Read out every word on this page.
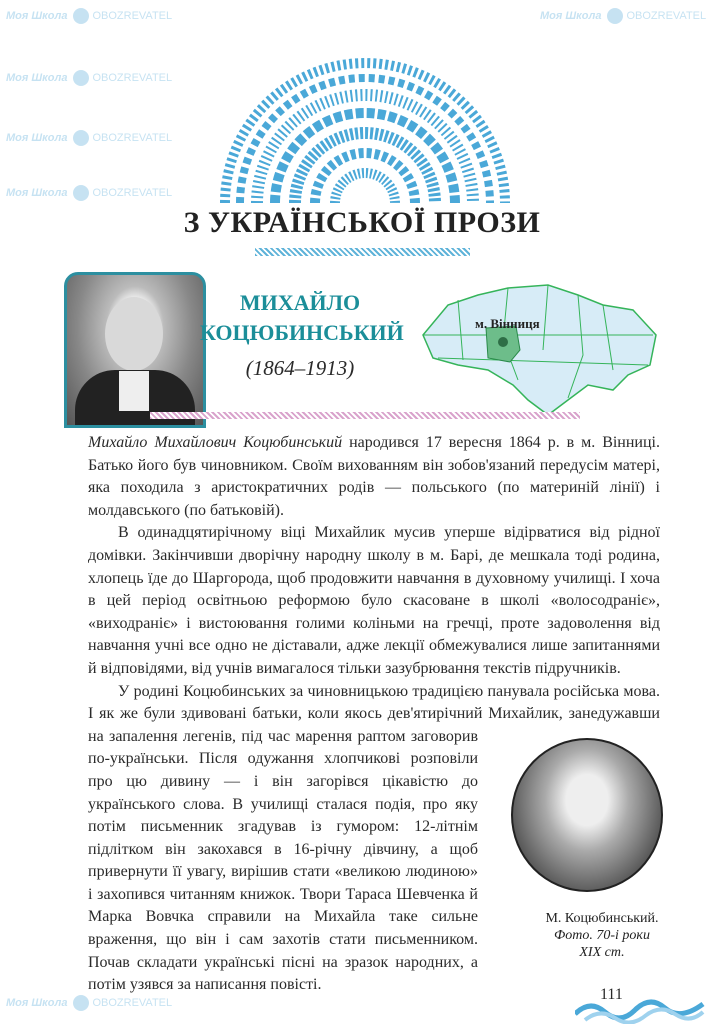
Моя Школа OBOZREVATEL	Моя Школа OBOZREVATEL
Моя Школа OBOZREVATEL
Моя Школа OBOZREVATEL
Моя Школа OBOZREVATEL
Моя Школа OBOZREVATEL
З УКРАЇНСЬКОЇ ПРОЗИ
МИХАЙЛО
КОЦЮБИНСЬКИЙ
(1864–1913)
м. Вінниця

Михайло Михайлович Коцюбинський народився 17 вересня 1864 р. в м. Вінниці. Батько його був чиновником. Своїм вихованням він зобов'язаний передусім матері, яка походила з аристократичних родів — польського (по материній лінії) і молдавського (по батьковій).

В одинадцятирічному віці Михайлик мусив уперше відірватися від рідної домівки. Закінчивши дворічну народну школу в м. Барі, де мешкала тоді родина, хлопець їде до Шаргорода, щоб продовжити навчання в духовному училищі. І хоча в цей період освітньою реформою було скасоване в школі «волосодраніє», «виходраніє» і вистоювання голими коліньми на гречці, проте задоволення від навчання учні все одно не діставали, адже лекції обмежувалися лише запитаннями й відповідями, від учнів вимагалося тільки зазубрювання текстів підручників.

У родині Коцюбинських за чиновницькою традицією панувала російська мова. І як же були здивовані батьки, коли якось дев'ятирічний Михайлик,
М. Коцюбинський.
Фото. 70-і роки
XIX ст.
занедужавши на запалення легенів, під час марення раптом заговорив по-українськи. Після одужання хлопчикові розповіли про цю дивину — і він загорівся цікавістю до українського слова. В училищі сталася подія, про яку потім письменник згадував із гумором: 12-літнім підлітком він закохався в 16-річну дівчину, а щоб привернути її увагу, вирішив стати «великою людиною» і захопився читанням книжок. Твори Тараса Шевченка й Марка Вовчка справили на Михайла таке сильне враження, що він і сам захотів стати письменником. Почав складати українські пісні на зразок народних, а потім узявся за написання повісті.

111
